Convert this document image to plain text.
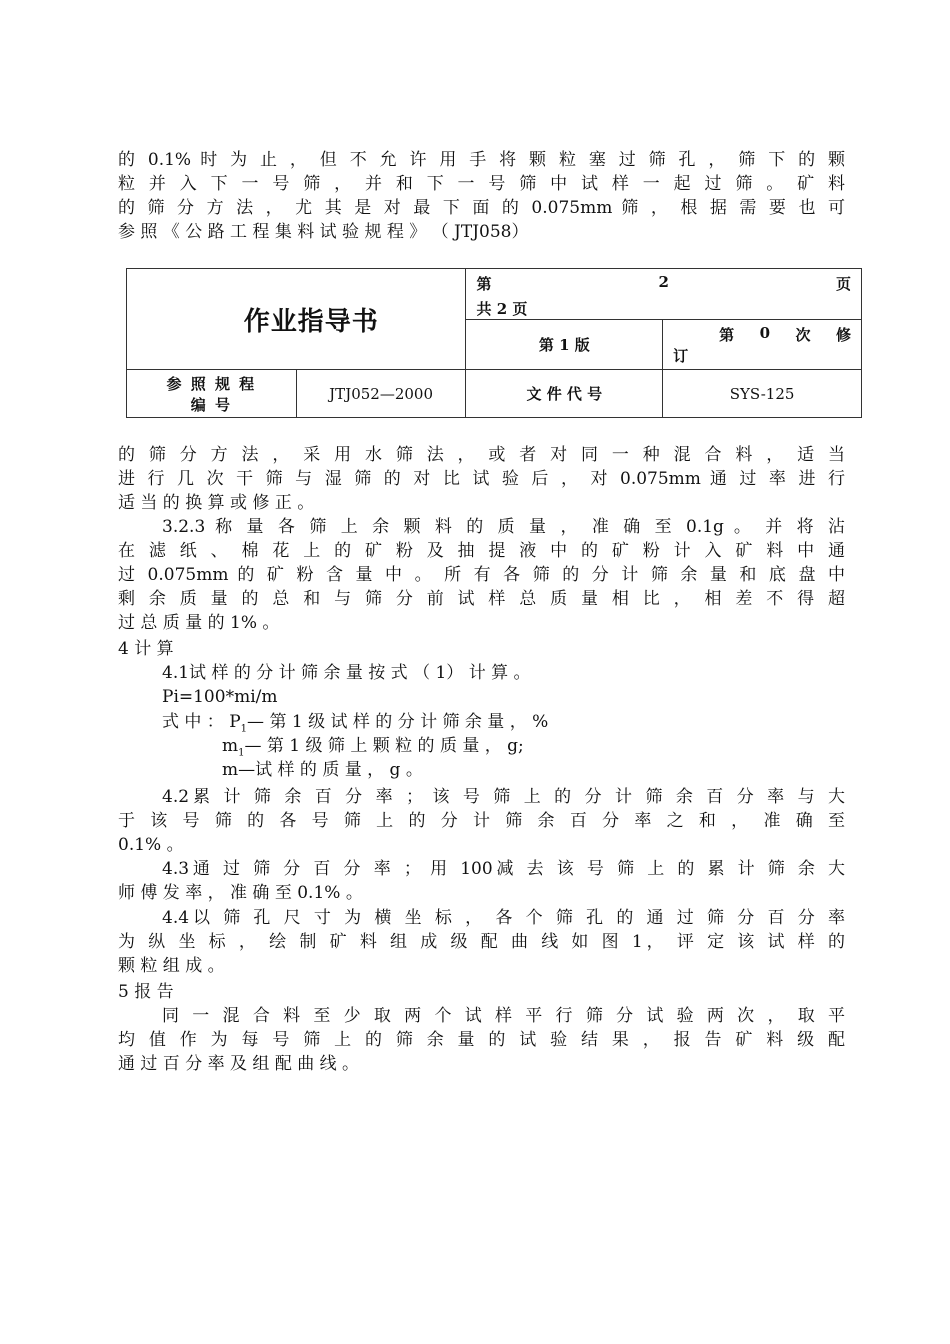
的 0.1% 时 为 止 ， 但 不 允 许 用 手 将 颗 粒 塞 过 筛 孔 ， 筛 下 的 颗
粒 并 入 下 一 号 筛 ， 并 和 下 一 号 筛 中 试 样 一 起 过 筛 。 矿 料
的 筛 分 方 法 ， 尤 其 是 对 最 下 面 的 0.075mm 筛 ， 根 据 需 要 也 可
参 照 《 公 路 工 程 集 料 试 验 规 程 》 （ JTJ058）
作业指导书		第 2 页
共 2 页	

		第 1 版	第 0 次 修
订

参 照 规 程
编 号	JTJ052—2000	文 件 代 号	SYS-125
的 筛 分 方 法 ， 采 用 水 筛 法 ， 或 者 对 同 一 种 混 合 料 ， 适 当
进 行 几 次 干 筛 与 湿 筛 的 对 比 试 验 后 ， 对 0.075mm 通 过 率 进 行
适 当 的 换 算 或 修 正 。
3.2.3 称 量 各 筛 上 余 颗 料 的 质 量 ， 准 确 至 0.1g 。 并 将 沾
在 滤 纸 、 棉 花 上 的 矿 粉 及 抽 提 液 中 的 矿 粉 计 入 矿 料 中 通
过 0.075mm 的 矿 粉 含 量 中 。 所 有 各 筛 的 分 计 筛 余 量 和 底 盘 中
剩 余 质 量 的 总 和 与 筛 分 前 试 样 总 质 量 相 比 ， 相 差 不 得 超
过 总 质 量 的 1% 。
4 计 算
4.1试 样 的 分 计 筛 余 量 按 式 （ 1） 计 算 。
Pi=100*mi/m
式 中 ： $P_1—$ 第 1 级 试 样 的 分 计 筛 余 量 ， %
$m_1—$ 第 1 级 筛 上 颗 粒 的 质 量 ， g;
m—试 样 的 质 量 ， g 。
4.2累 计 筛 余 百 分 率 ； 该 号 筛 上 的 分 计 筛 余 百 分 率 与 大
于 该 号 筛 的 各 号 筛 上 的 分 计 筛 余 百 分 率 之 和 ， 准 确 至
0.1% 。
4.3通 过 筛 分 百 分 率 ； 用 100减 去 该 号 筛 上 的 累 计 筛 余 大
师 傅 发 率 ， 准 确 至 0.1% 。
4.4以 筛 孔 尺 寸 为 横 坐 标 ， 各 个 筛 孔 的 通 过 筛 分 百 分 率
为 纵 坐 标 ， 绘 制 矿 料 组 成 级 配 曲 线 如 图 1， 评 定 该 试 样 的
颗 粒 组 成 。
5 报 告
同 一 混 合 料 至 少 取 两 个 试 样 平 行 筛 分 试 验 两 次 ， 取 平
均 值 作 为 每 号 筛 上 的 筛 余 量 的 试 验 结 果 ， 报 告 矿 料 级 配
通 过 百 分 率 及 组 配 曲 线 。
